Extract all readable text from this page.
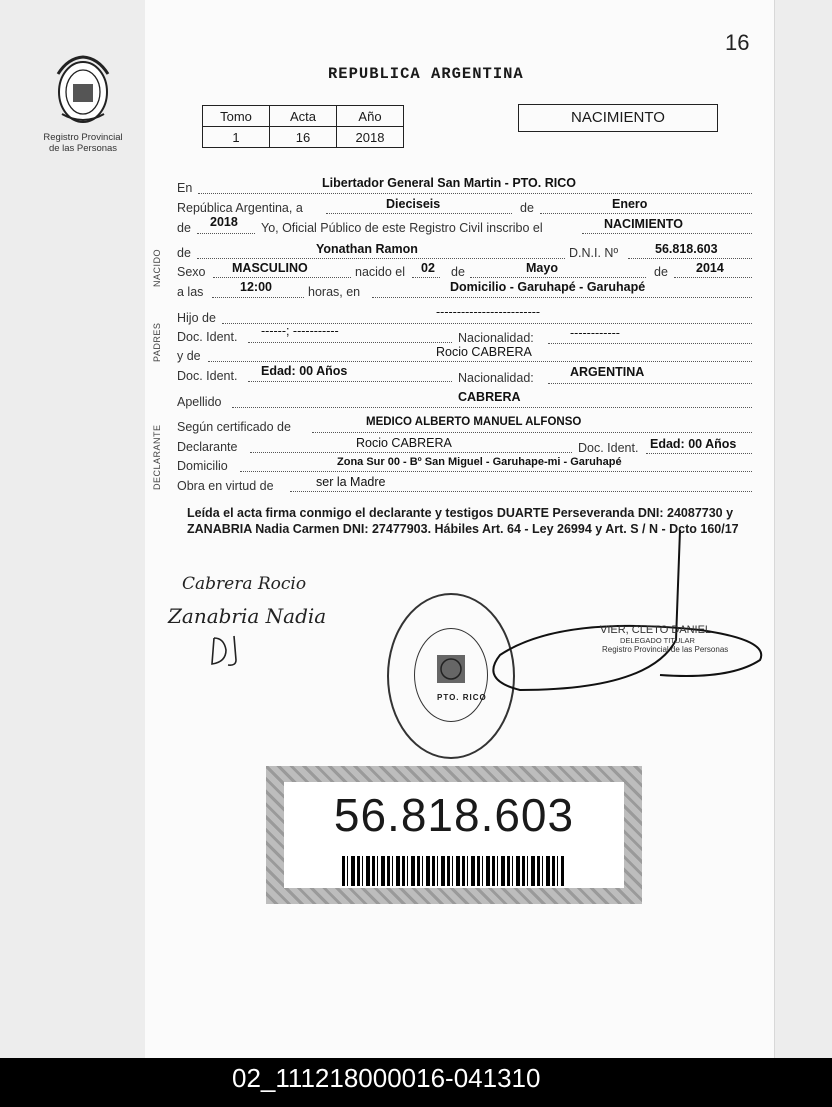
16
Registro Provincial
de las Personas
REPUBLICA ARGENTINA
Tomo	Acta	Año
1	16	2018
NACIMIENTO
NACIDO
PADRES
DECLARANTE
En	Libertador General San Martin - PTO. RICO
República Argentina, a	Dieciseis	de	Enero
de 2018 Yo, Oficial Público de este Registro Civil inscribo el	NACIMIENTO
de	Yonathan Ramon	D.N.I. Nº	56.818.603
Sexo MASCULINO	nacido el 02 de	Mayo	de 2014
a las	12:00	horas, en	Domicilio - Garuhapé - Garuhapé
Hijo de	-------------------------
Doc. Ident. ------; -----------	Nacionalidad:	------------
y de	Rocio CABRERA
Doc. Ident. Edad: 00 Años	Nacionalidad:	ARGENTINA
Apellido	CABRERA
Según certificado de	MEDICO ALBERTO MANUEL ALFONSO
Declarante	Rocio CABRERA	Doc. Ident. Edad: 00 Años
Domicilio	Zona Sur 00 - Bº San Miguel - Garuhape-mi - Garuhapé
Obra en virtud de	ser la Madre
Leída el acta firma conmigo el declarante y testigos DUARTE Perseveranda DNI: 24087730 y ZANABRIA Nadia Carmen DNI: 27477903. Hábiles Art. 64 - Ley 26994 y Art. S / N - Dcto 160/17
Cabrera Rocio
Zanabria Nadia
PTO. RICO
VIER, CLETO DANIEL
DELEGADO TITULAR
Registro Provincial de las Personas
56.818.603
02_111218000016-041310
